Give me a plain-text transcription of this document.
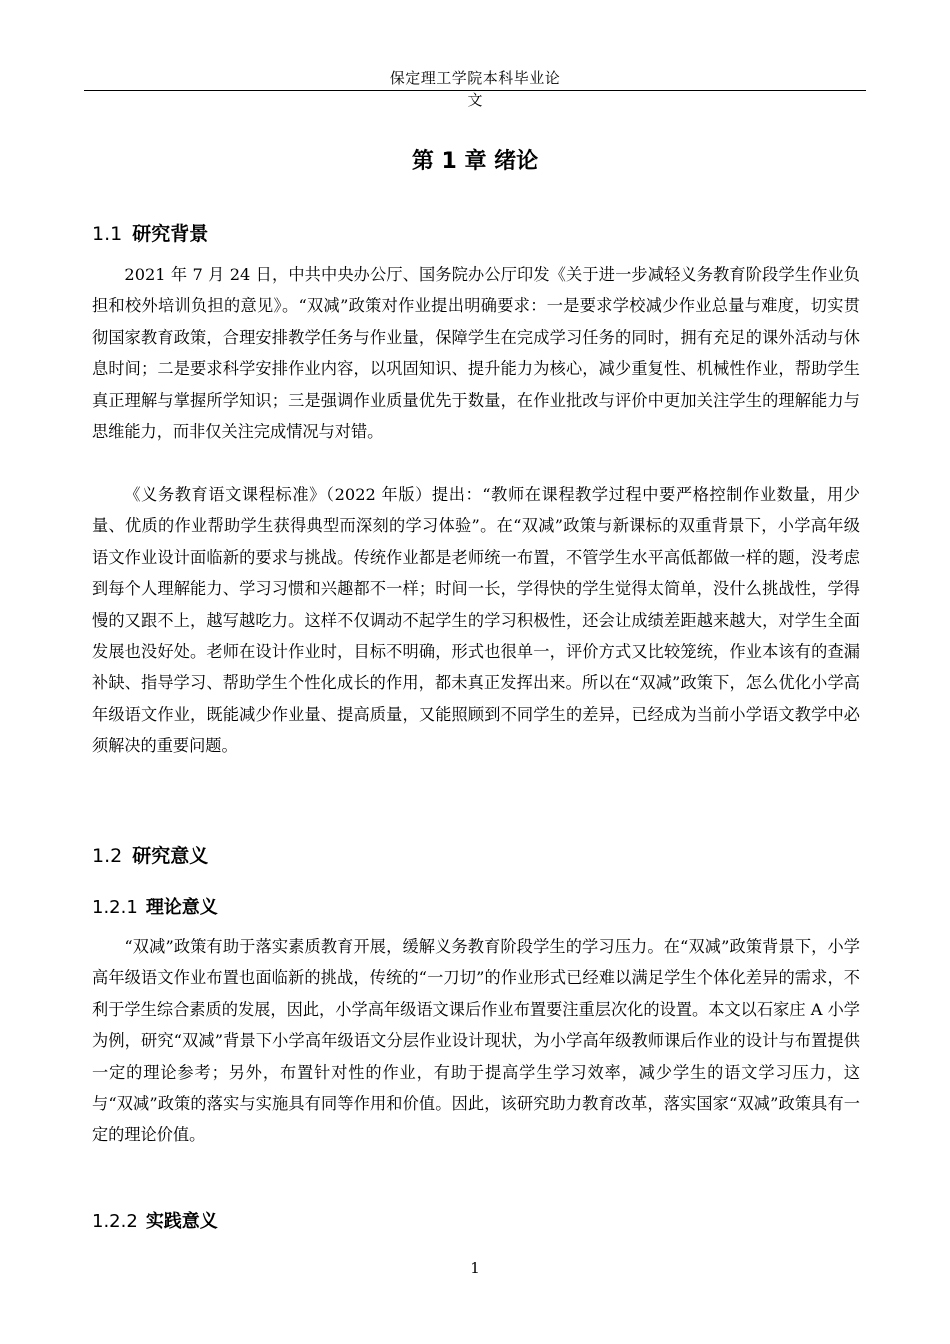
保定理工学院本科毕业论
文
第 1 章 绪论
1.1 研究背景

2021 年 7 月 24 日，中共中央办公厅、国务院办公厅印发《关于进一步减轻义务教育阶段学生作业负担和校外培训负担的意见》。“双减”政策对作业提出明确要求：一是要求学校减少作业总量与难度，切实贯彻国家教育政策，合理安排教学任务与作业量，保障学生在完成学习任务的同时，拥有充足的课外活动与休息时间；二是要求科学安排作业内容，以巩固知识、提升能力为核心，减少重复性、机械性作业，帮助学生真正理解与掌握所学知识；三是强调作业质量优先于数量，在作业批改与评价中更加关注学生的理解能力与思维能力，而非仅关注完成情况与对错。

《义务教育语文课程标准》（2022 年版）提出：“教师在课程教学过程中要严格控制作业数量，用少量、优质的作业帮助学生获得典型而深刻的学习体验”。在“双减”政策与新课标的双重背景下，小学高年级语文作业设计面临新的要求与挑战。传统作业都是老师统一布置，不管学生水平高低都做一样的题，没考虑到每个人理解能力、学习习惯和兴趣都不一样；时间一长，学得快的学生觉得太简单，没什么挑战性，学得慢的又跟不上，越写越吃力。这样不仅调动不起学生的学习积极性，还会让成绩差距越来越大，对学生全面发展也没好处。老师在设计作业时，目标不明确，形式也很单一，评价方式又比较笼统，作业本该有的查漏补缺、指导学习、帮助学生个性化成长的作用，都未真正发挥出来。所以在“双减”政策下，怎么优化小学高年级语文作业，既能减少作业量、提高质量，又能照顾到不同学生的差异，已经成为当前小学语文教学中必须解决的重要问题。

1.2 研究意义
1.2.1 理论意义

“双减”政策有助于落实素质教育开展，缓解义务教育阶段学生的学习压力。在“双减”政策背景下，小学高年级语文作业布置也面临新的挑战，传统的“一刀切”的作业形式已经难以满足学生个体化差异的需求，不利于学生综合素质的发展，因此，小学高年级语文课后作业布置要注重层次化的设置。本文以石家庄 A 小学为例，研究“双减”背景下小学高年级语文分层作业设计现状，为小学高年级教师课后作业的设计与布置提供一定的理论参考；另外，布置针对性的作业，有助于提高学生学习效率，减少学生的语文学习压力，这与“双减”政策的落实与实施具有同等作用和价值。因此，该研究助力教育改革，落实国家“双减”政策具有一定的理论价值。

1.2.2 实践意义
1
